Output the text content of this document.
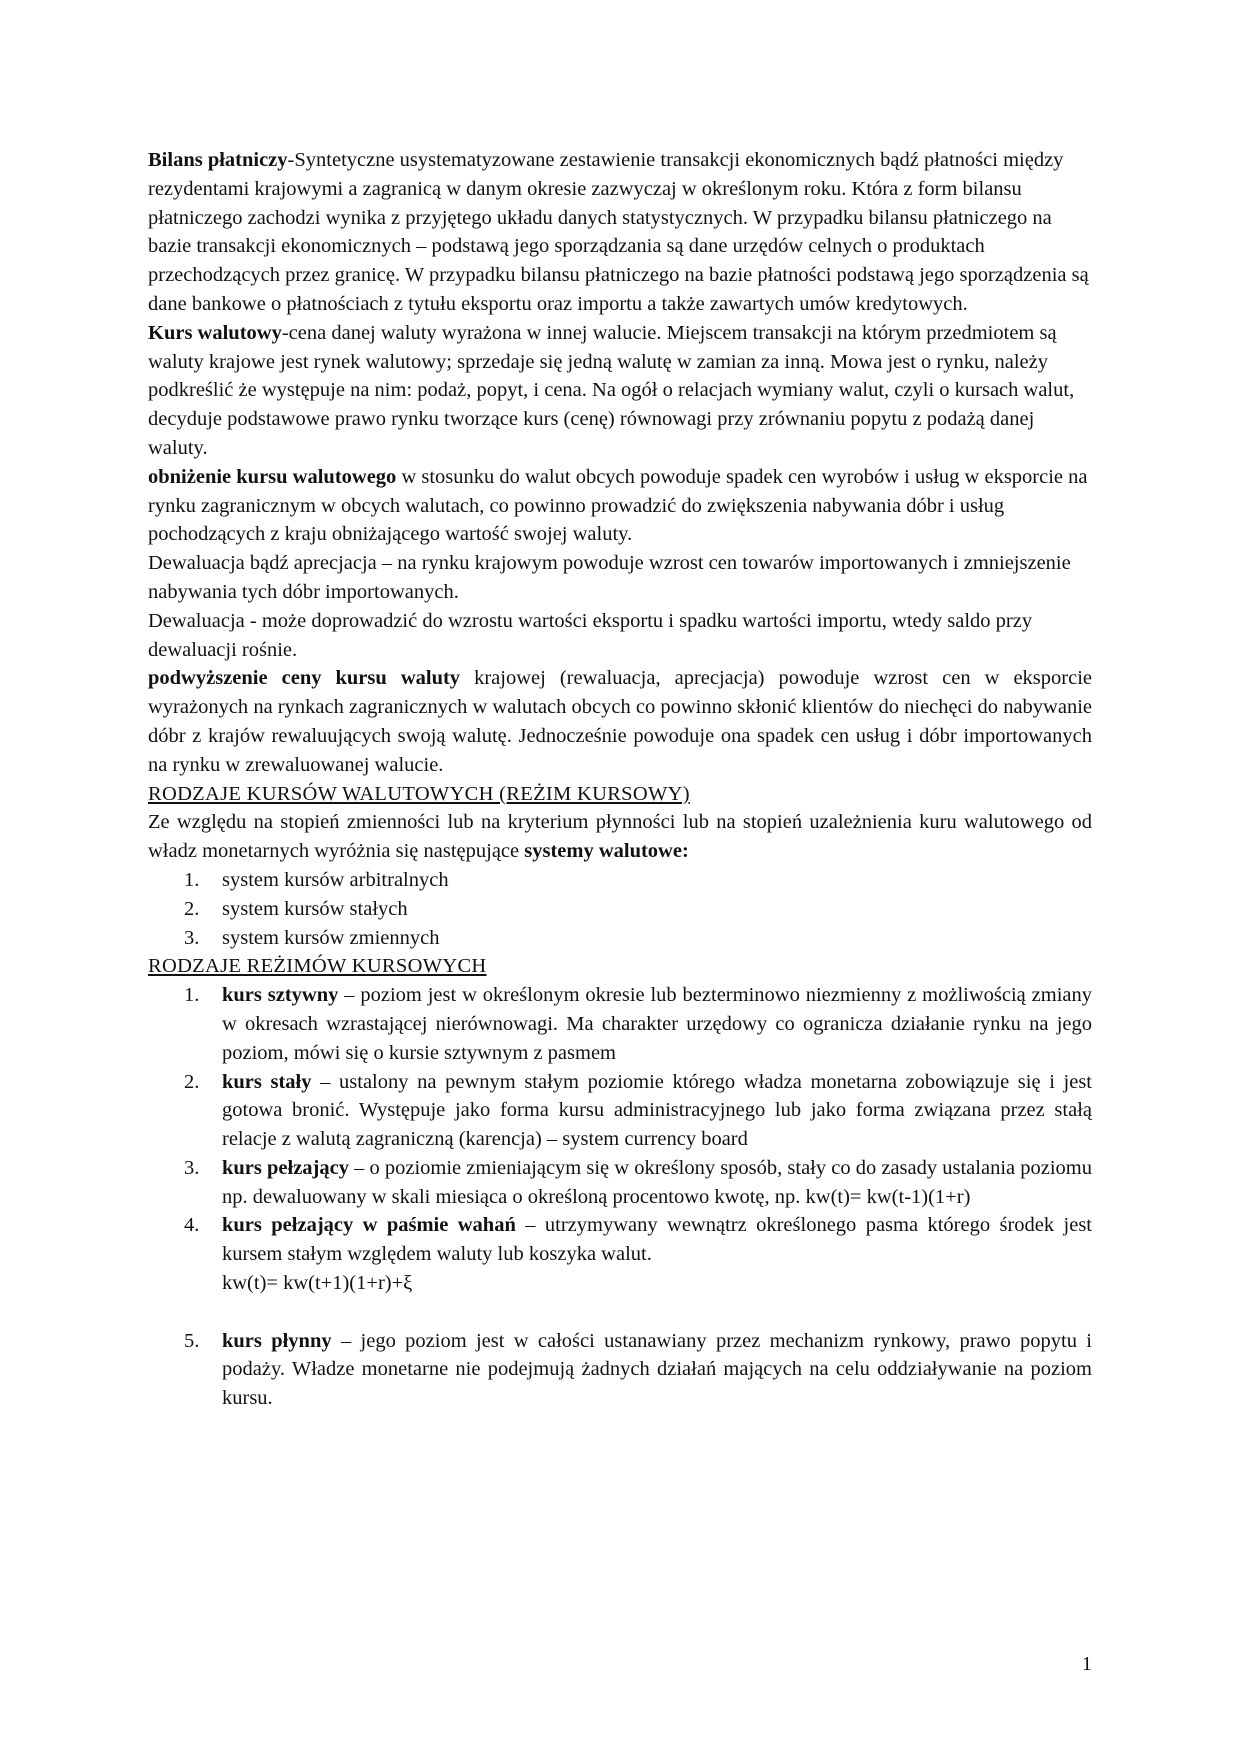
Bilans płatniczy-Syntetyczne usystematyzowane zestawienie transakcji ekonomicznych bądź płatności między rezydentami krajowymi a zagranicą w danym okresie zazwyczaj w określonym roku. Która z form bilansu płatniczego zachodzi wynika z przyjętego układu danych statystycznych. W przypadku bilansu płatniczego na bazie transakcji ekonomicznych – podstawą jego sporządzania są dane urzędów celnych o produktach przechodzących przez granicę. W przypadku bilansu płatniczego na bazie płatności podstawą jego sporządzenia są dane bankowe o płatnościach z tytułu eksportu oraz importu a także zawartych umów kredytowych.

Kurs walutowy-cena danej waluty wyrażona w innej walucie. Miejscem transakcji na którym przedmiotem są waluty krajowe jest rynek walutowy; sprzedaje się jedną walutę w zamian za inną. Mowa jest o rynku, należy podkreślić że występuje na nim: podaż, popyt, i cena. Na ogół o relacjach wymiany walut, czyli o kursach walut, decyduje podstawowe prawo rynku tworzące kurs (cenę) równowagi przy zrównaniu popytu z podażą danej waluty.

obniżenie kursu walutowego w stosunku do walut obcych powoduje spadek cen wyrobów i usług w eksporcie na rynku zagranicznym w obcych walutach, co powinno prowadzić do zwiększenia nabywania dóbr i usług pochodzących z kraju obniżającego wartość swojej waluty.

Dewaluacja bądź aprecjacja – na rynku krajowym powoduje wzrost cen towarów importowanych i zmniejszenie nabywania tych dóbr importowanych.

Dewaluacja - może doprowadzić do wzrostu wartości eksportu i spadku wartości importu, wtedy saldo przy dewaluacji rośnie.

podwyższenie ceny kursu waluty krajowej (rewaluacja, aprecjacja) powoduje wzrost cen w eksporcie wyrażonych na rynkach zagranicznych w walutach obcych co powinno skłonić klientów do niechęci do nabywanie dóbr z krajów rewaluujących swoją walutę. Jednocześnie powoduje ona spadek cen usług i dóbr importowanych na rynku w zrewaluowanej walucie.

RODZAJE KURSÓW WALUTOWYCH (REŻIM KURSOWY)

Ze względu na stopień zmienności lub na kryterium płynności lub na stopień uzależnienia kuru walutowego od władz monetarnych wyróżnia się następujące systemy walutowe:

1. system kursów arbitralnych
2. system kursów stałych
3. system kursów zmiennych

RODZAJE REŻIMÓW KURSOWYCH

1. kurs sztywny – poziom jest w określonym okresie lub bezterminowo niezmienny z możliwością zmiany w okresach wzrastającej nierównowagi. Ma charakter urzędowy co ogranicza działanie rynku na jego poziom, mówi się o kursie sztywnym z pasmem
2. kurs stały – ustalony na pewnym stałym poziomie którego władza monetarna zobowiązuje się i jest gotowa bronić. Występuje jako forma kursu administracyjnego lub jako forma związana przez stałą relacje z walutą zagraniczną (karencja) – system currency board
3. kurs pełzający – o poziomie zmieniającym się w określony sposób, stały co do zasady ustalania poziomu np. dewaluowany w skali miesiąca o określoną procentowo kwotę, np. kw(t)= kw(t-1)(1+r)
4. kurs pełzający w paśmie wahań – utrzymywany wewnątrz określonego pasma którego środek jest kursem stałym względem waluty lub koszyka walut.
kw(t)= kw(t+1)(1+r)+ξ
5. kurs płynny – jego poziom jest w całości ustanawiany przez mechanizm rynkowy, prawo popytu i podaży. Władze monetarne nie podejmują żadnych działań mających na celu oddziaływanie na poziom kursu.
1
